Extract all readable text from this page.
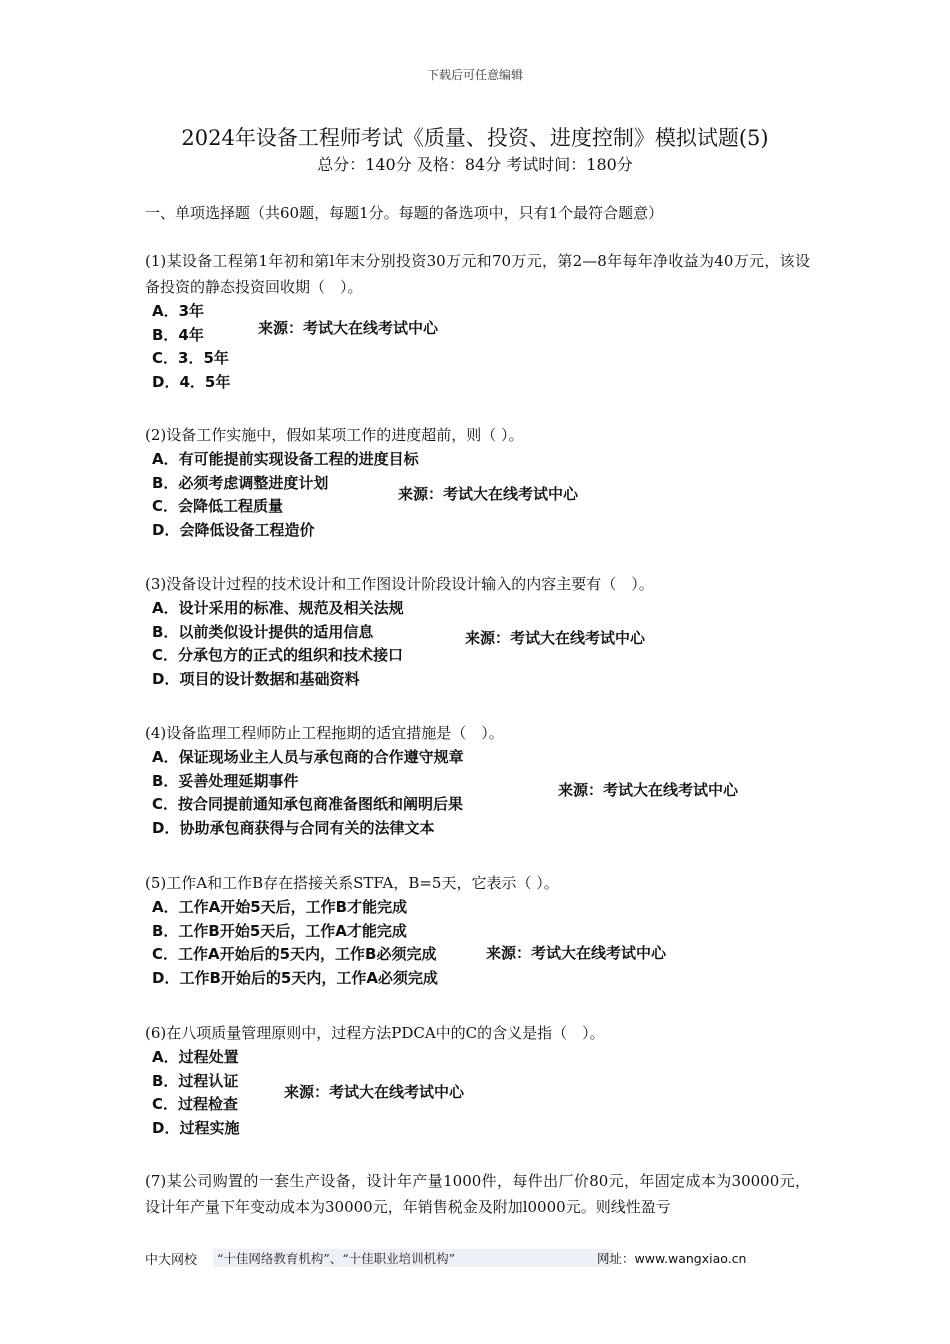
下载后可任意编辑
2024年设备工程师考试《质量、投资、进度控制》模拟试题(5)
总分：140分 及格：84分 考试时间：180分
一、单项选择题（共60题，每题1分。每题的备选项中，只有1个最符合题意）
(1)某设备工程第1年初和第l年末分别投资30万元和70万元，第2—8年每年净收益为40万元，该设备投资的静态投资回收期（　）。
A．3年
B．4年
C．3．5年
D．4．5年
来源：考试大在线考试中心
(2)设备工作实施中，假如某项工作的进度超前，则（ ）。
A．有可能提前实现设备工程的进度目标
B．必须考虑调整进度计划
C．会降低工程质量
D．会降低设备工程造价
来源：考试大在线考试中心
(3)没备设计过程的技术设计和工作图设计阶段设计输入的内容主要有（　）。
A．设计采用的标准、规范及相关法规
B．以前类似设计提供的适用信息
C．分承包方的正式的组织和技术接口
D．项目的设计数据和基础资料
来源：考试大在线考试中心
(4)设备监理工程师防止工程拖期的适宜措施是（　）。
A．保证现场业主人员与承包商的合作遵守规章
B．妥善处理延期事件
C．按合同提前通知承包商准备图纸和阐明后果
D．协助承包商获得与合同有关的法律文本
来源：考试大在线考试中心
(5)工作A和工作B存在搭接关系STFA，B=5天，它表示（ ）。
A．工作A开始5天后，工作B才能完成
B．工作B开始5天后，工作A才能完成
C．工作A开始后的5天内，工作B必须完成
D．工作B开始后的5天内，工作A必须完成
来源：考试大在线考试中心
(6)在八项质量管理原则中，过程方法PDCA中的C的含义是指（　）。
A．过程处置
B．过程认证
C．过程检查
D．过程实施
来源：考试大在线考试中心
(7)某公司购置的一套生产设备，设计年产量1000件，每件出厂价80元，年固定成本为30000元，设计年产量下年变动成本为30000元，年销售税金及附加l0000元。则线性盈亏
中大网校	“十佳网络教育机构”、“十佳职业培训机构”	网址：www.wangxiao.cn
